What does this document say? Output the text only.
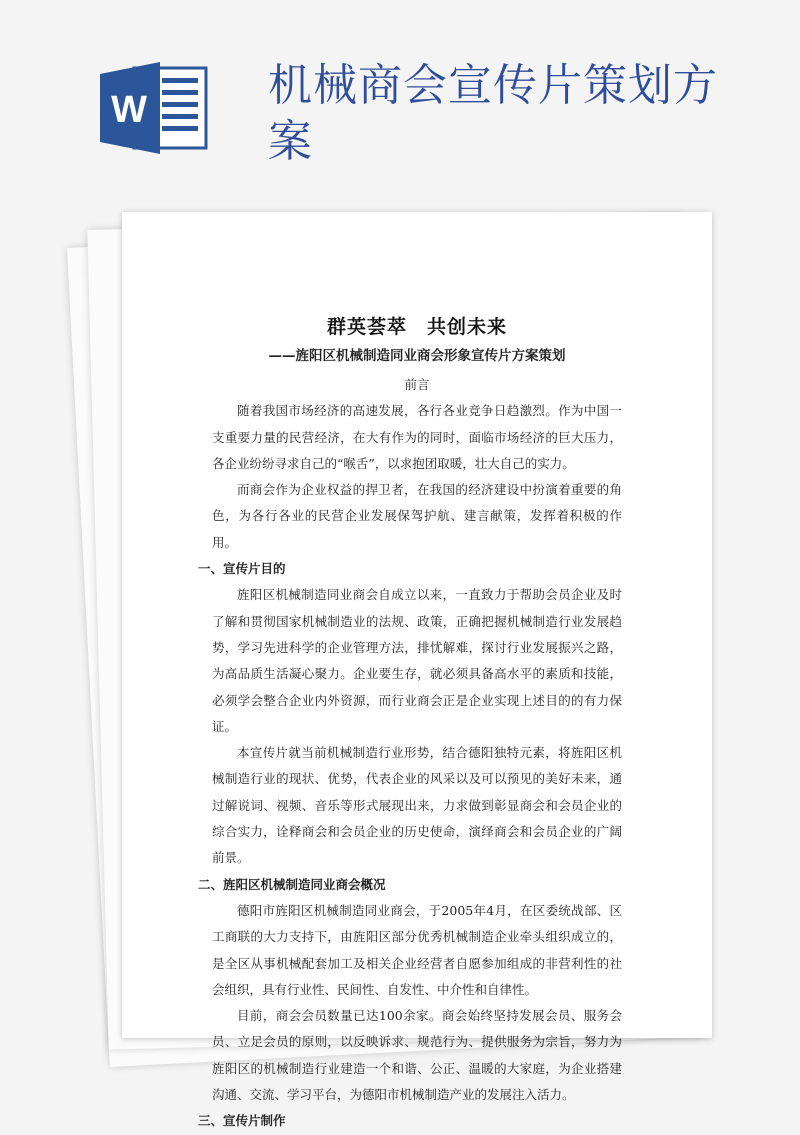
W	机械商会宣传片策划方案
群英荟萃　共创未来
——旌阳区机械制造同业商会形象宣传片方案策划

前言

随着我国市场经济的高速发展，各行各业竞争日趋激烈。作为中国一支重要力量的民营经济，在大有作为的同时，面临市场经济的巨大压力，各企业纷纷寻求自己的“喉舌”，以求抱团取暖，壮大自己的实力。

而商会作为企业权益的捍卫者，在我国的经济建设中扮演着重要的角色，为各行各业的民营企业发展保驾护航、建言献策，发挥着积极的作用。

一、宣传片目的

旌阳区机械制造同业商会自成立以来，一直致力于帮助会员企业及时了解和贯彻国家机械制造业的法规、政策，正确把握机械制造行业发展趋势，学习先进科学的企业管理方法，排忧解难，探讨行业发展振兴之路，为高品质生活凝心聚力。企业要生存，就必须具备高水平的素质和技能，必须学会整合企业内外资源，而行业商会正是企业实现上述目的的有力保证。

本宣传片就当前机械制造行业形势，结合德阳独特元素，将旌阳区机械制造行业的现状、优势，代表企业的风采以及可以预见的美好未来，通过解说词、视频、音乐等形式展现出来，力求做到彰显商会和会员企业的综合实力，诠释商会和会员企业的历史使命，演绎商会和会员企业的广阔前景。

二、旌阳区机械制造同业商会概况

德阳市旌阳区机械制造同业商会，于2005年4月，在区委统战部、区工商联的大力支持下，由旌阳区部分优秀机械制造企业牵头组织成立的，是全区从事机械配套加工及相关企业经营者自愿参加组成的非营利性的社会组织，具有行业性、民间性、自发性、中介性和自律性。

目前，商会会员数量已达100余家。商会始终坚持发展会员、服务会员、立足会员的原则，以反映诉求、规范行为、提供服务为宗旨，努力为旌阳区的机械制造行业建造一个和谐、公正、温暖的大家庭，为企业搭建沟通、交流、学习平台，为德阳市机械制造产业的发展注入活力。

三、宣传片制作
